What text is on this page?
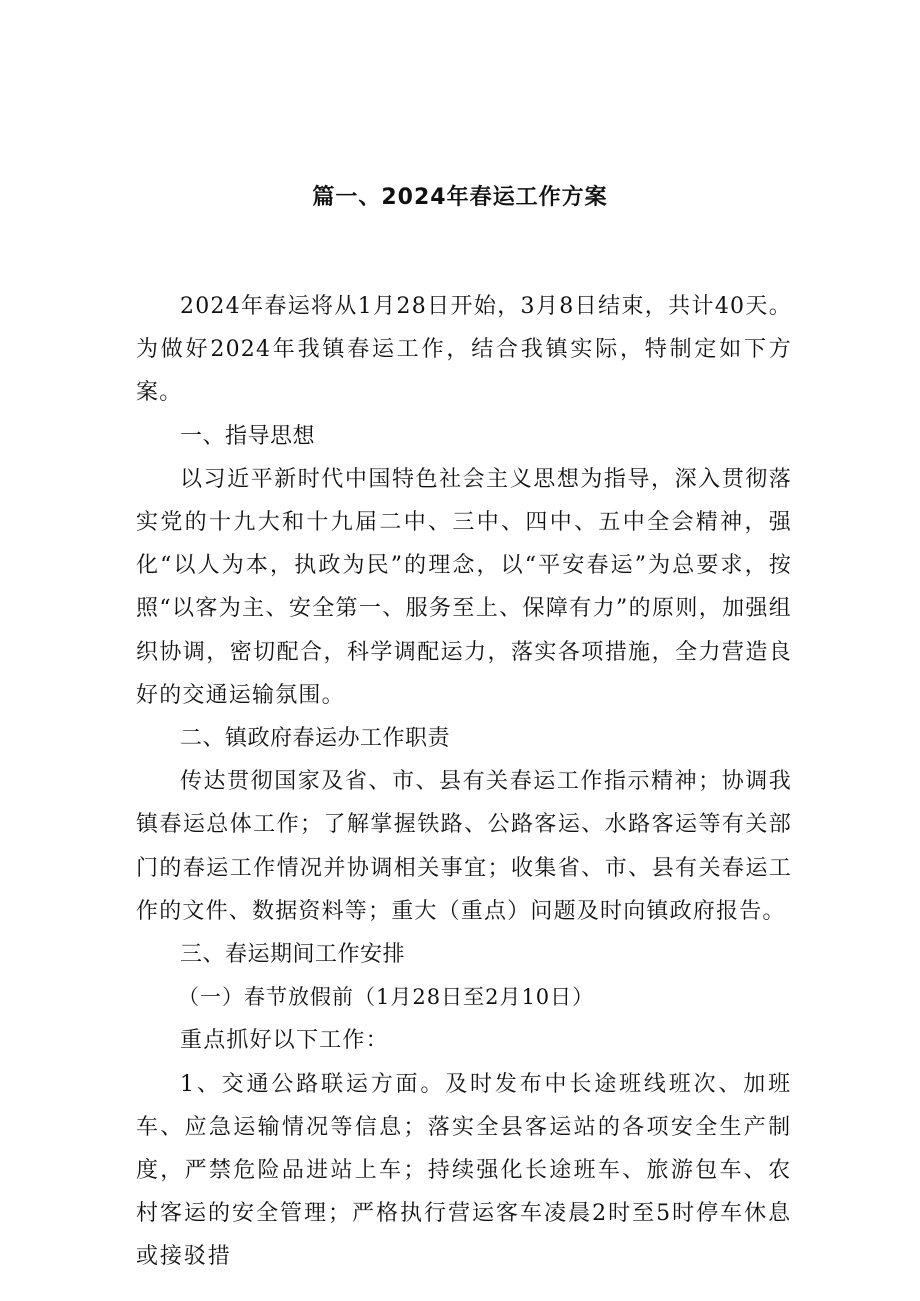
篇一、2024年春运工作方案

2024年春运将从1月28日开始，3月8日结束，共计40天。为做好2024年我镇春运工作，结合我镇实际，特制定如下方案。

一、指导思想

以习近平新时代中国特色社会主义思想为指导，深入贯彻落实党的十九大和十九届二中、三中、四中、五中全会精神，强化“以人为本，执政为民”的理念，以“平安春运”为总要求，按照“以客为主、安全第一、服务至上、保障有力”的原则，加强组织协调，密切配合，科学调配运力，落实各项措施，全力营造良好的交通运输氛围。

二、镇政府春运办工作职责

传达贯彻国家及省、市、县有关春运工作指示精神；协调我镇春运总体工作；了解掌握铁路、公路客运、水路客运等有关部门的春运工作情况并协调相关事宜；收集省、市、县有关春运工作的文件、数据资料等；重大（重点）问题及时向镇政府报告。

三、春运期间工作安排

（一）春节放假前（1月28日至2月10日）

重点抓好以下工作：

1、交通公路联运方面。及时发布中长途班线班次、加班车、应急运输情况等信息；落实全县客运站的各项安全生产制度，严禁危险品进站上车；持续强化长途班车、旅游包车、农村客运的安全管理；严格执行营运客车凌晨2时至5时停车休息或接驳措
